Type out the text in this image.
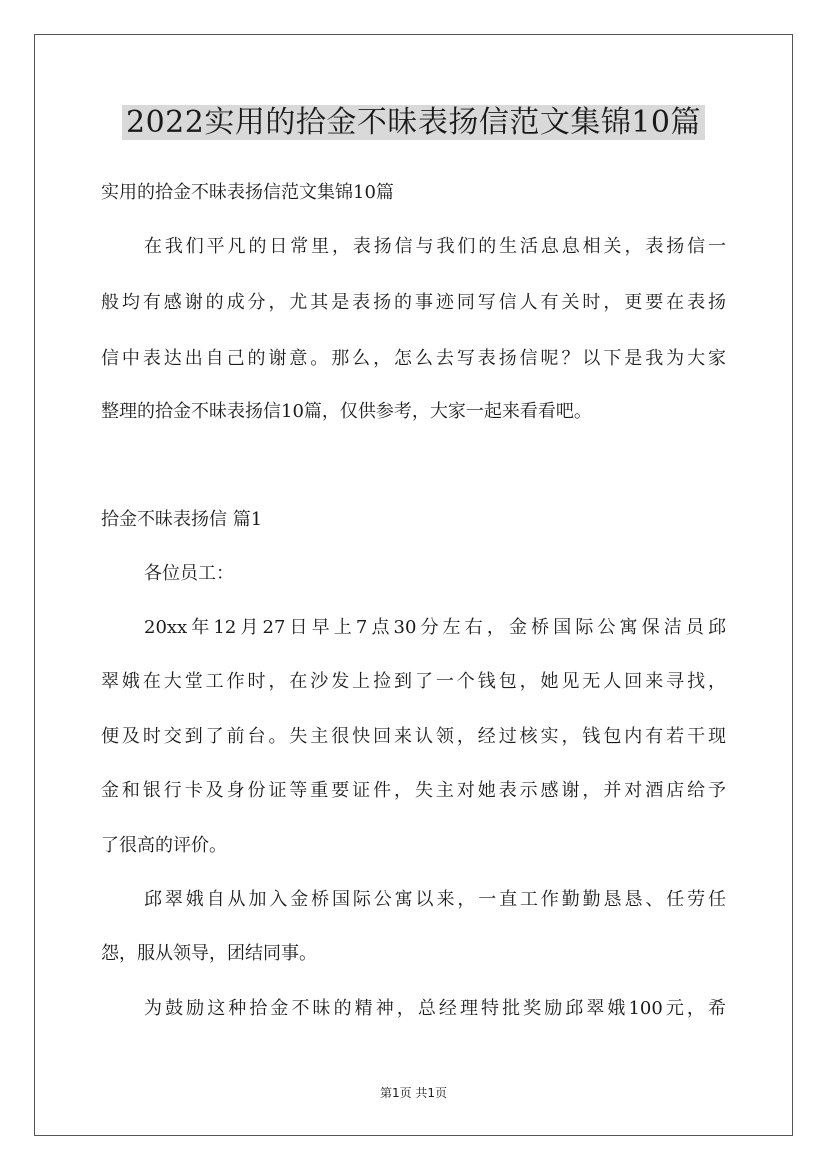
2022实用的拾金不昧表扬信范文集锦10篇
实用的拾金不昧表扬信范文集锦10篇
在我们平凡的日常里，表扬信与我们的生活息息相关，表扬信一
般均有感谢的成分，尤其是表扬的事迹同写信人有关时，更要在表扬
信中表达出自己的谢意。那么，怎么去写表扬信呢？以下是我为大家
整理的拾金不昧表扬信10篇，仅供参考，大家一起来看看吧。
拾金不昧表扬信 篇1
各位员工：
20xx年12月27日早上7点30分左右，金桥国际公寓保洁员邱
翠娥在大堂工作时，在沙发上捡到了一个钱包，她见无人回来寻找，
便及时交到了前台。失主很快回来认领，经过核实，钱包内有若干现
金和银行卡及身份证等重要证件，失主对她表示感谢，并对酒店给予
了很高的评价。
邱翠娥自从加入金桥国际公寓以来，一直工作勤勤恳恳、任劳任
怨，服从领导，团结同事。
为鼓励这种拾金不昧的精神，总经理特批奖励邱翠娥100元，希
第1页 共1页
